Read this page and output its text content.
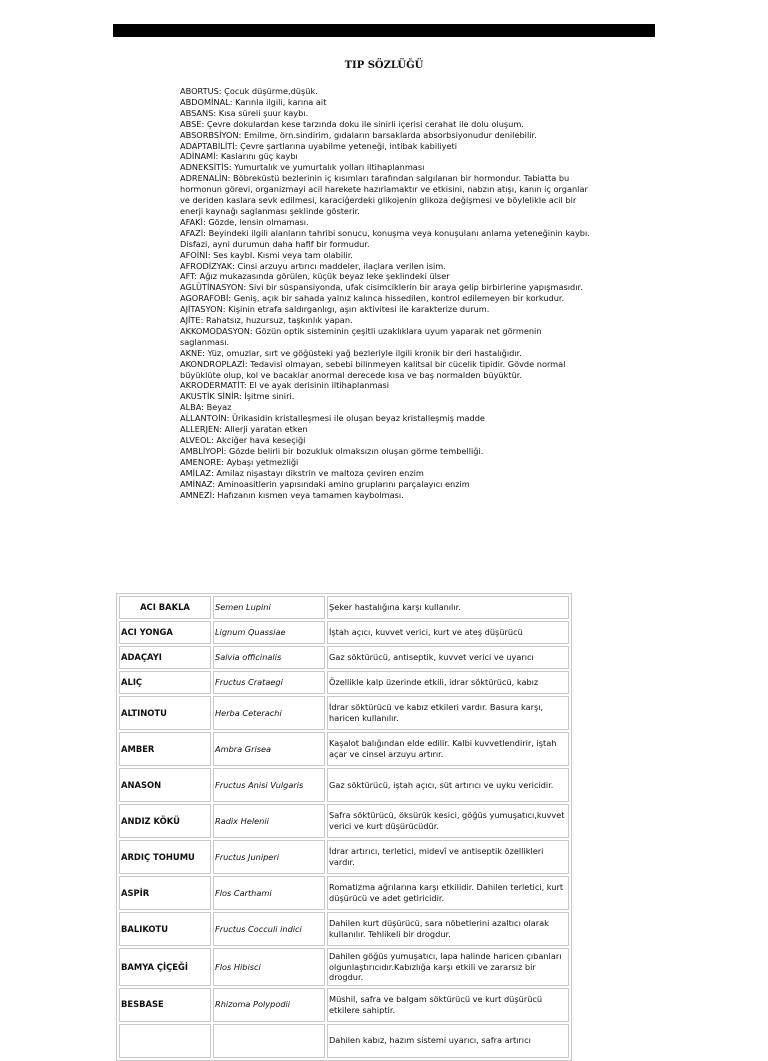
TIP SÖZLÜĞÜ
ABORTUS: Çocuk düşürme,düşük.
ABDOMİNAL: Karınla ilgili, karına ait
ABSANS: Kısa süreli şuur kaybı.
ABSE: Çevre dokulardan kese tarzında doku ile sinirli içerisi cerahat ile dolu oluşum.
ABSORBSİYON: Emilme, örn.sindirim, gıdaların barsaklarda absorbsiyonudur denilebilir.
ADAPTABİLİTİ: Çevre şartlarına uyabilme yeteneği, intibak kabiliyeti
ADİNAMİ: Kaslarını güç kaybı
ADNEKSİTİS: Yumurtalık ve yumurtalık yolları iltihaplanması
ADRENALİN: Böbreküstü bezlerinin iç kısımları tarafından salgılanan bir hormondur. Tabiatta bu hormonun görevi, organizmayi acil harekete hazırlamaktır ve etkisini, nabzın atışı, kanın iç organlar ve deriden kaslara sevk edilmesi, karaciğerdeki glikojenin glikoza değişmesi ve böylelikle acil bir enerji kaynağı saglanması şeklinde gösterir.
AFAKİ: Gözde, lensin olmaması.
AFAZİ: Beyindeki ilgili alanların tahribi sonucu, konuşma veya konuşulanı anlama yeteneğinin kaybı. Disfazi, ayni durumun daha hafif bir formudur.
AFOİNİ: Ses kaybI. Kısmi veya tam olabilir.
AFRODİZYAK: Cinsi arzuyu artırıcı maddeler, ilaçlara verilen isim.
AFT: Ağız mukazasında görülen, küçük beyaz leke şeklindeki ülser
AGLÜTİNASYON: Sivi bir süspansiyonda, ufak cisimciklerin bir araya gelip birbirlerine yapışmasıdır.
AGORAFOBİ: Geniş, açık bir sahada yalnız kalınca hissedilen, kontrol edilemeyen bir korkudur.
AJİTASYON: Kişinin etrafa saldırganlıgı, aşırı aktivitesi ile karakterize durum.
AJİTE: Rahatsız, huzursuz, taşkınlık yapan.
AKKOMODASYON: Gözün optik sisteminin çeşitli uzaklıklara uyum yaparak net görmenin saglanması.
AKNE: Yüz, omuzlar, sırt ve göğüsteki yağ bezleriyle ilgili kronik bir deri hastalığıdır.
AKONDROPLAZİ: Tedavisi olmayan, sebebi bilinmeyen kalitsal bir cücelik tipidir. Gövde normal büyüklüte olup, kol ve bacaklar anormal derecede kısa ve baş normalden büyüktür.
AKRODERMATİT: El ve ayak derisinin iltihaplanmasi
AKUSTİK SİNİR: İşitme siniri.
ALBA: Beyaz
ALLANTOİN: Ürikasidin kristalleşmesi ile oluşan beyaz kristalleşmiş madde
ALLERJEN: Allerji yaratan etken
ALVEOL: Akciğer hava keseçiği
AMBLİYOPİ: Gözde belirli bir bozukluk olmaksızın oluşan görme tembelliği.
AMENORE: Aybaşı yetmezliği
AMİLAZ: Amilaz nişastayı dikstrin ve maltoza çeviren enzim
AMİNAZ: Aminoasitlerin yapısındaki amino gruplarını parçalayıcı enzim
AMNEZİ: Hafızanın kısmen veya tamamen kaybolması.
ACI BAKLA	Semen Lupini	Şeker hastalığına karşı kullanılır.
ACI YONGA	Lignum Quassiae	İştah açıcı, kuvvet verici, kurt ve ateş düşürücü
ADAÇAYI	Salvia officinalis	Gaz söktürücü, antiseptik, kuvvet verici ve uyarıcı
ALIÇ	Fructus Crataegi	Özellikle kalp üzerinde etkili, idrar söktürücü, kabız
ALTINOTU	Herba Ceterachi	İdrar söktürücü ve kabız etkileri vardır. Basura karşı, haricen kullanılır.
AMBER	Ambra Grisea	Kaşalot balığından elde edilir. Kalbi kuvvetlendirir, iştah açar ve cinsel arzuyu artırır.
ANASON	Fructus Anisi Vulgaris	Gaz söktürücü, iştah açıcı, süt artırıcı ve uyku vericidir.
ANDIZ KÖKÜ	Radix Helenii	Safra söktürücü, öksürük kesici, göğüs yumuşatıcı,kuvvet verici ve kurt düşürücüdür.
ARDIÇ TOHUMU	Fructus Juniperi	İdrar artırıcı, terletici, midevî ve antiseptik özellikleri vardır.
ASPİR	Flos Carthami	Romatizma ağrılarına karşı etkilidir. Dahilen terletici, kurt düşürücü ve adet getiricidir.
BALIKOTU	Fructus Cocculi indici	Dahilen kurt düşürücü, sara nöbetlerini azaltıcı olarak kullanılır. Tehlikeli bir drogdur.
BAMYA ÇİÇEĞİ	Flos Hibisci	Dahilen göğüs yumuşatıcı, lapa halinde haricen çıbanları olgunlaştırıcıdır.Kabızlığa karşı etkili ve zararsız bir drogdur.
BESBASE	Rhizoma Polypodii	Müshil, safra ve balgam söktürücü ve kurt düşürücü etkilere sahiptir.
		Dahilen kabız, hazım sistemi uyarıcı, safra artırıcı
